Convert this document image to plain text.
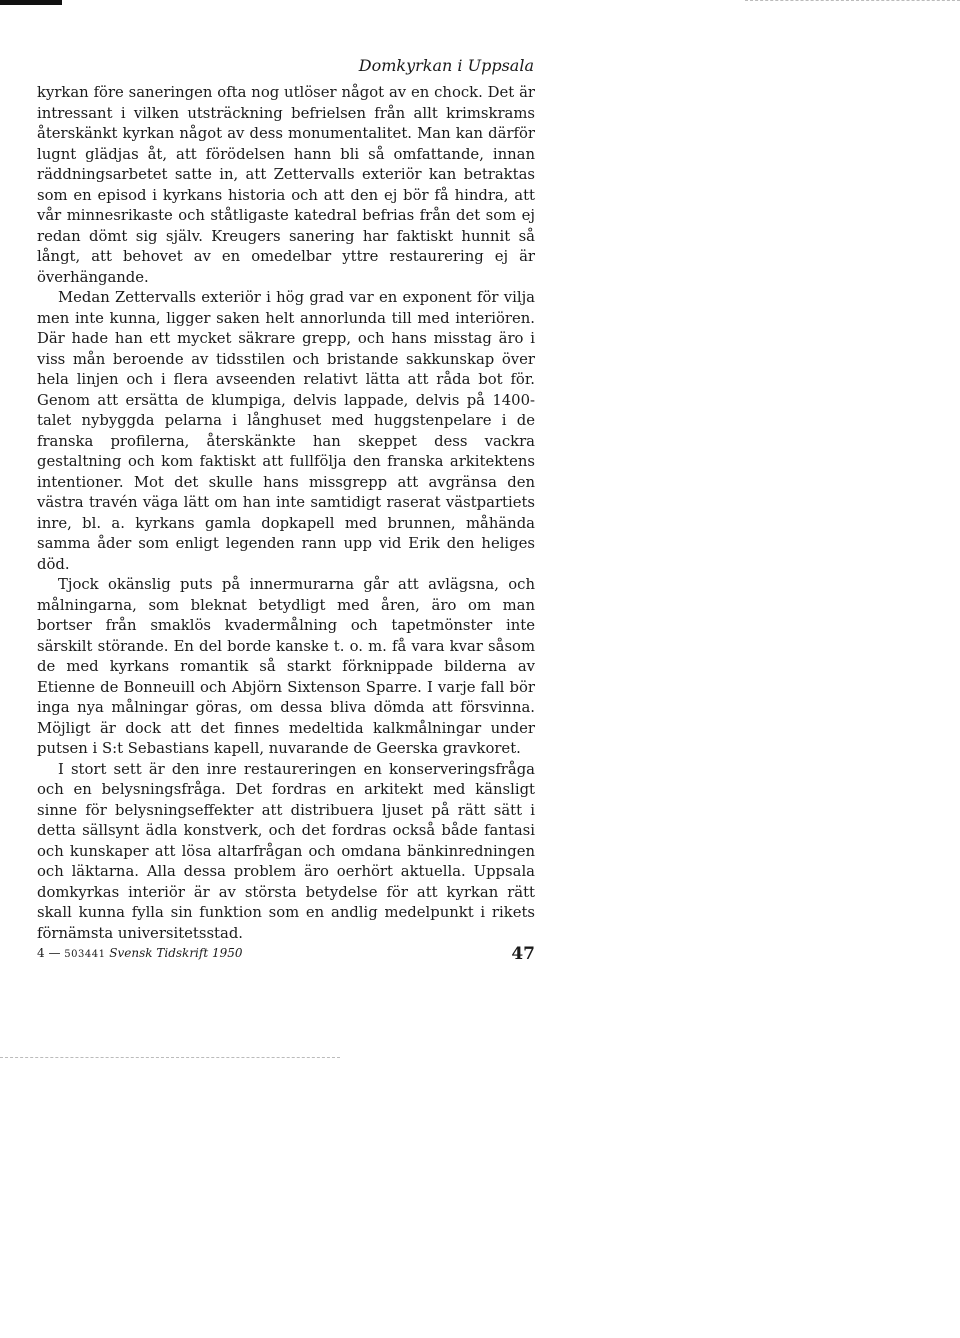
Domkyrkan i Uppsala

kyrkan före saneringen ofta nog utlöser något av en chock. Det är intressant i vilken utsträckning befrielsen från allt krimskrams återskänkt kyrkan något av dess monumentalitet. Man kan därför lugnt glädjas åt, att förödelsen hann bli så omfattande, innan räddningsarbetet satte in, att Zettervalls exteriör kan betraktas som en episod i kyrkans historia och att den ej bör få hindra, att vår minnesrikaste och ståtligaste katedral befrias från det som ej redan dömt sig själv. Kreugers sanering har faktiskt hunnit så långt, att behovet av en omedelbar yttre restaurering ej är överhängande.

Medan Zettervalls exteriör i hög grad var en exponent för vilja men inte kunna, ligger saken helt annorlunda till med interiören. Där hade han ett mycket säkrare grepp, och hans misstag äro i viss mån beroende av tidsstilen och bristande sakkunskap över hela linjen och i flera avseenden relativt lätta att råda bot för. Genom att ersätta de klumpiga, delvis lappade, delvis på 1400-talet nybyggda pelarna i långhuset med huggstenpelare i de franska profilerna, återskänkte han skeppet dess vackra gestaltning och kom faktiskt att fullfölja den franska arkitektens intentioner. Mot det skulle hans missgrepp att avgränsa den västra travén väga lätt om han inte samtidigt raserat västpartiets inre, bl. a. kyrkans gamla dopkapell med brunnen, måhända samma åder som enligt legenden rann upp vid Erik den heliges död.

Tjock okänslig puts på innermurarna går att avlägsna, och målningarna, som bleknat betydligt med åren, äro om man bortser från smaklös kvadermålning och tapetmönster inte särskilt störande. En del borde kanske t. o. m. få vara kvar såsom de med kyrkans romantik så starkt förknippade bilderna av Etienne de Bonneuill och Abjörn Sixtenson Sparre. I varje fall bör inga nya målningar göras, om dessa bliva dömda att försvinna. Möjligt är dock att det finnes medeltida kalkmålningar under putsen i S:t Sebastians kapell, nuvarande de Geerska gravkoret.

I stort sett är den inre restaureringen en konserveringsfråga och en belysningsfråga. Det fordras en arkitekt med känsligt sinne för belysningseffekter att distribuera ljuset på rätt sätt i detta sällsynt ädla konstverk, och det fordras också både fantasi och kunskaper att lösa altarfrågan och omdana bänkinredningen och läktarna. Alla dessa problem äro oerhört aktuella. Uppsala domkyrkas interiör är av största betydelse för att kyrkan rätt skall kunna fylla sin funktion som en andlig medelpunkt i rikets förnämsta universitetsstad.

4 — 503441 Svensk Tidskrift 1950	47
